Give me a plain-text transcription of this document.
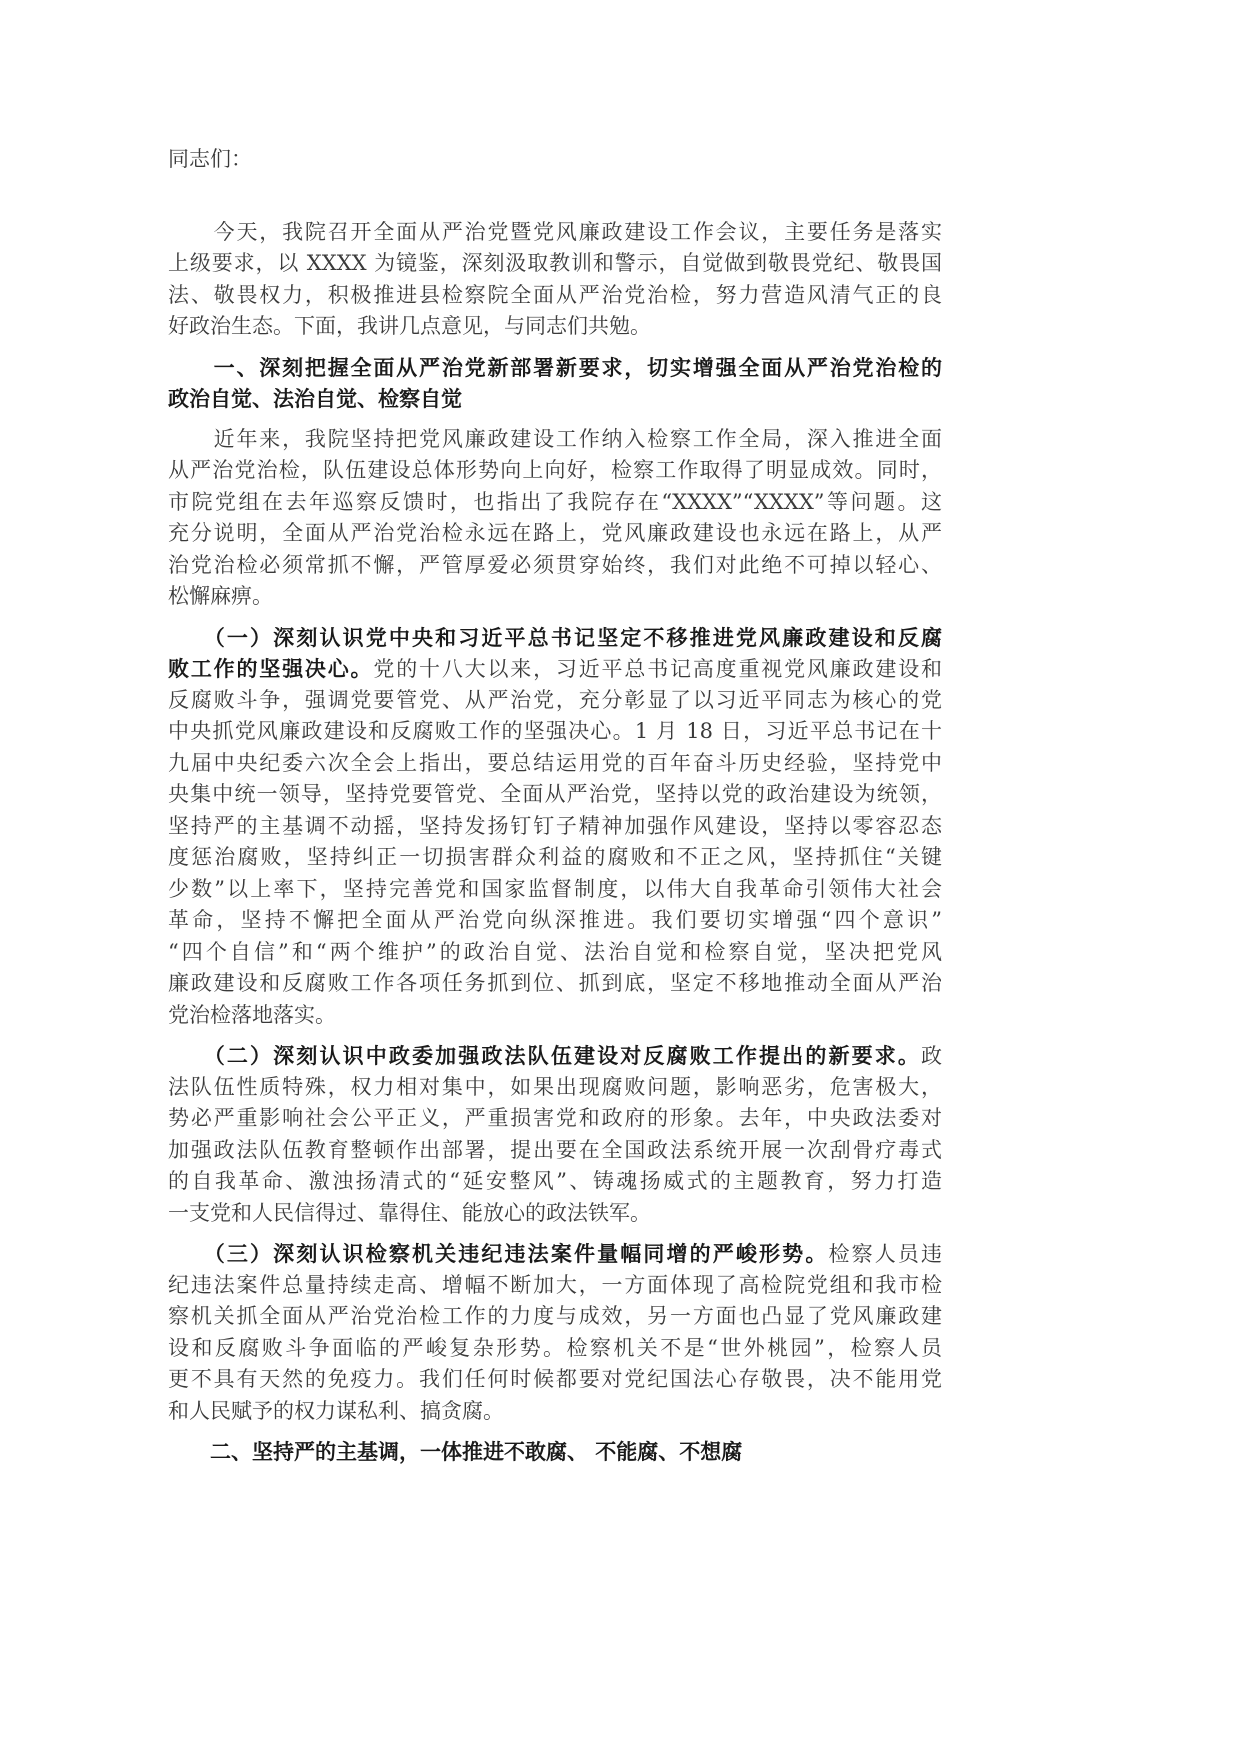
同志们：
　　今天，我院召开全面从严治党暨党风廉政建设工作会议，主要任务是落实
上级要求，以 XXXX 为镜鉴，深刻汲取教训和警示，自觉做到敬畏党纪、敬畏国
法、敬畏权力，积极推进县检察院全面从严治党治检，努力营造风清气正的良
好政治生态。下面，我讲几点意见，与同志们共勉。
　　一、深刻把握全面从严治党新部署新要求，切实增强全面从严治党治检的
政治自觉、法治自觉、检察自觉
　　近年来，我院坚持把党风廉政建设工作纳入检察工作全局，深入推进全面
从严治党治检，队伍建设总体形势向上向好，检察工作取得了明显成效。同时，
市院党组在去年巡察反馈时，也指出了我院存在“XXXX”“XXXX”等问题。这
充分说明，全面从严治党治检永远在路上，党风廉政建设也永远在路上，从严
治党治检必须常抓不懈，严管厚爱必须贯穿始终，我们对此绝不可掉以轻心、
松懈麻痹。
　　（一）深刻认识党中央和习近平总书记坚定不移推进党风廉政建设和反腐
败工作的坚强决心。党的十八大以来，习近平总书记高度重视党风廉政建设和
反腐败斗争，强调党要管党、从严治党，充分彰显了以习近平同志为核心的党
中央抓党风廉政建设和反腐败工作的坚强决心。1 月 18 日，习近平总书记在十
九届中央纪委六次全会上指出，要总结运用党的百年奋斗历史经验，坚持党中
央集中统一领导，坚持党要管党、全面从严治党，坚持以党的政治建设为统领，
坚持严的主基调不动摇，坚持发扬钉钉子精神加强作风建设，坚持以零容忍态
度惩治腐败，坚持纠正一切损害群众利益的腐败和不正之风，坚持抓住“关键
少数”以上率下，坚持完善党和国家监督制度，以伟大自我革命引领伟大社会
革命，坚持不懈把全面从严治党向纵深推进。我们要切实增强“四个意识”
“四个自信”和“两个维护”的政治自觉、法治自觉和检察自觉，坚决把党风
廉政建设和反腐败工作各项任务抓到位、抓到底，坚定不移地推动全面从严治
党治检落地落实。
　　（二）深刻认识中政委加强政法队伍建设对反腐败工作提出的新要求。政
法队伍性质特殊，权力相对集中，如果出现腐败问题，影响恶劣，危害极大，
势必严重影响社会公平正义，严重损害党和政府的形象。去年，中央政法委对
加强政法队伍教育整顿作出部署，提出要在全国政法系统开展一次刮骨疗毒式
的自我革命、激浊扬清式的“延安整风”、铸魂扬威式的主题教育，努力打造
一支党和人民信得过、靠得住、能放心的政法铁军。
　　（三）深刻认识检察机关违纪违法案件量幅同增的严峻形势。检察人员违
纪违法案件总量持续走高、增幅不断加大，一方面体现了高检院党组和我市检
察机关抓全面从严治党治检工作的力度与成效，另一方面也凸显了党风廉政建
设和反腐败斗争面临的严峻复杂形势。检察机关不是“世外桃园”，检察人员
更不具有天然的免疫力。我们任何时候都要对党纪国法心存敬畏，决不能用党
和人民赋予的权力谋私利、搞贪腐。
　　二、坚持严的主基调，一体推进不敢腐、 不能腐、不想腐
